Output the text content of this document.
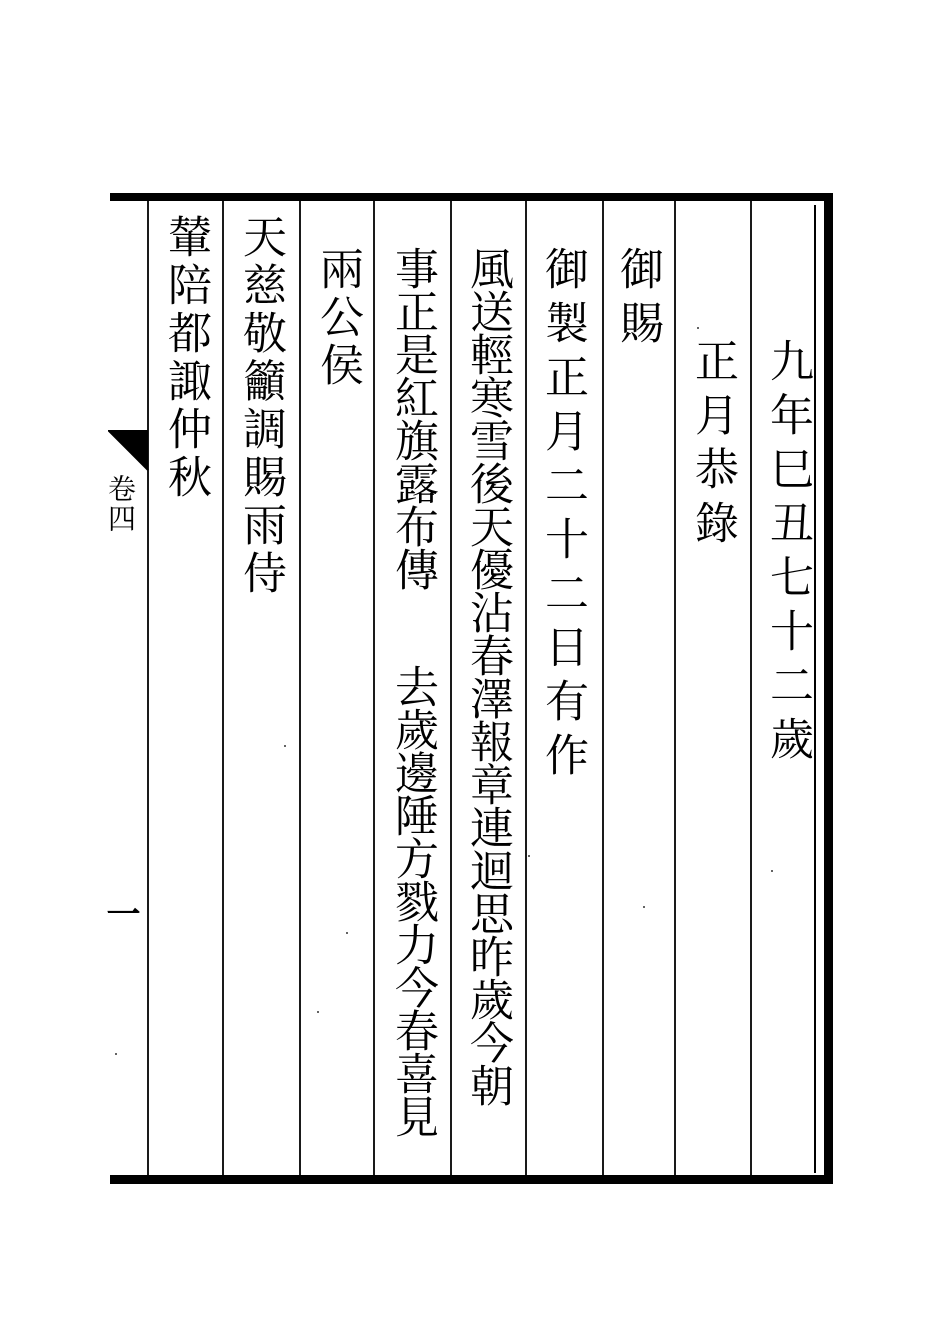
九年巳丑七十二歲
正月恭錄
御賜
御製正月二十二日有作
風送輕寒雪後天優沾春澤報章連迴思昨歲今朝
事正是紅旗露布傳
去歲邊陲方戮力今春喜見
兩公侯
天慈敬籲調賜雨侍
輦陪都諏仲秋
卷四
一
